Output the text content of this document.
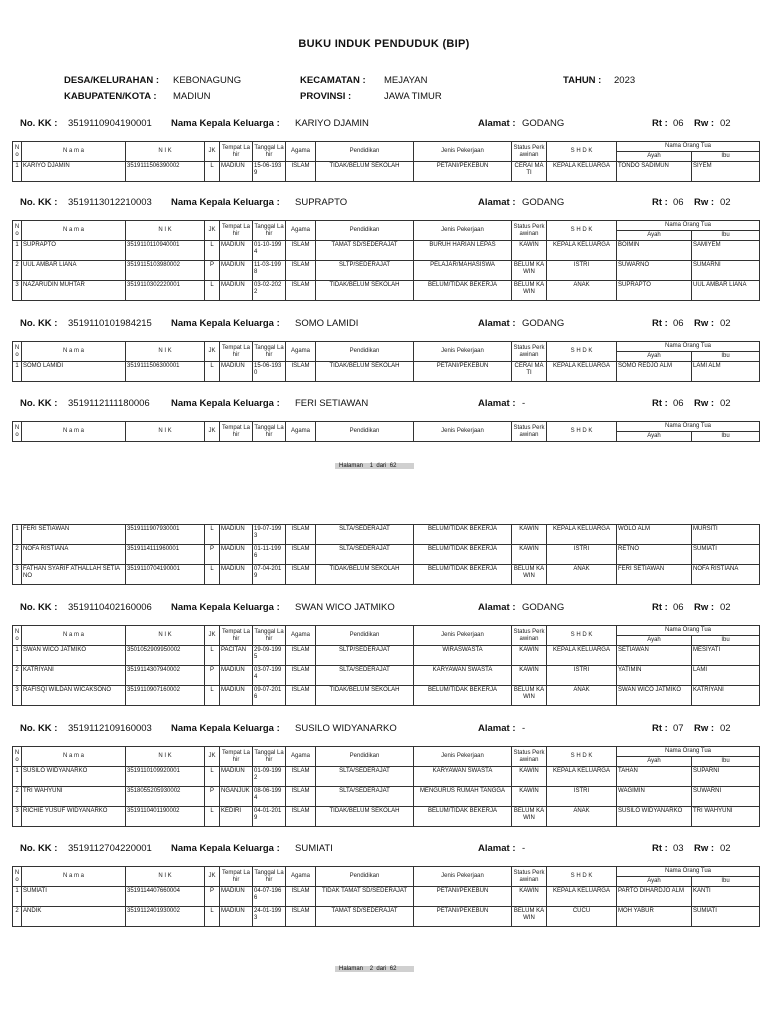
BUKU INDUK PENDUDUK (BIP)
DESA/KELURAHAN : KEBONAGUNG
KABUPATEN/KOTA : MADIUN
KECAMATAN : MEJAYAN
PROVINSI :	JAWA TIMUR
TAHUN : 2023
No. KK : 3519110904190001 Nama Kepala Keluarga : KARIYO DJAMIN	Alamat : GODANG	Rt : 06 Rw : 02
No	N a m a	N I K	JK	Tempat Lahir	Tanggal Lahir	Agama	Pendidikan	Jenis Pekerjaan	Status Perkawinan	S H D K	Nama Orang Tua	
											Ayah	Ibu
1	KARIYO DJAMIN	3519111506390002	L	MADIUN	15-06-193 9	ISLAM	TIDAK/BELUM SEKOLAH	PETANI/PEKEBUN	CERAI MATI	KEPALA KELUARGA	TONDO SADIMUN	SIYEM
No. KK : 3519113012210003 Nama Kepala Keluarga : SUPRAPTO	Alamat : GODANG	Rt : 06 Rw : 02
No	N a m a	N I K	JK	Tempat Lahir	Tanggal Lahir	Agama	Pendidikan	Jenis Pekerjaan	Status Perkawinan	S H D K	Nama Orang Tua	
											Ayah	Ibu
1	SUPRAPTO	3519110110940001	L	MADIUN	01-10-199 4	ISLAM	TAMAT SD/SEDERAJAT	BURUH HARIAN LEPAS	KAWIN	KEPALA KELUARGA	BOIMIN	SAMIYEM
2	UUL AMBAR LIANA	3519115103980002	P	MADIUN	11-03-199 8	ISLAM	SLTP/SEDERAJAT	PELAJAR/MAHASISWA	BELUM KAWIN	ISTRI	SUWARNO	SUMARNI
3	NAZARUDIN MUHTAR	3519110302220001	L	MADIUN	03-02-202 2	ISLAM	TIDAK/BELUM SEKOLAH	BELUM/TIDAK BEKERJA	BELUM KAWIN	ANAK	SUPRAPTO	UUL AMBAR LIANA
No. KK : 3519110101984215 Nama Kepala Keluarga : SOMO LAMIDI	Alamat : GODANG	Rt : 06 Rw : 02
No	N a m a	N I K	JK	Tempat Lahir	Tanggal Lahir	Agama	Pendidikan	Jenis Pekerjaan	Status Perkawinan	S H D K	Nama Orang Tua	
											Ayah	Ibu
1	SOMO LAMIDI	3519111506300001	L	MADIUN	15-06-193 0	ISLAM	TIDAK/BELUM SEKOLAH	PETANI/PEKEBUN	CERAI MATI	KEPALA KELUARGA	SOMO REDJO ALM	LAMI ALM
No. KK : 3519112111180006 Nama Kepala Keluarga : FERI SETIAWAN	Alamat : -	Rt : 06 Rw : 02
No	N a m a	N I K	JK	Tempat Lahir	Tanggal Lahir	Agama	Pendidikan	Jenis Pekerjaan	Status Perkawinan	S H D K	Nama Orang Tua	
											Ayah	Ibu
1	FERI SETIAWAN	3519111907930001	L	MADIUN	19-07-199 3	ISLAM	SLTA/SEDERAJAT	BELUM/TIDAK BEKERJA	KAWIN	KEPALA KELUARGA	WOLO ALM	MURSITI
2	NOFA RISTIANA	3519114111960001	P	MADIUN	01-11-199 6	ISLAM	SLTA/SEDERAJAT	BELUM/TIDAK BEKERJA	KAWIN	ISTRI	RETNO	SUMIATI
3	FATHAN SYARIF ATHALLAH SETIANO	3519110704190001	L	MADIUN	07-04-201 9	ISLAM	TIDAK/BELUM SEKOLAH	BELUM/TIDAK BEKERJA	BELUM KAWIN	ANAK	FERI SETIAWAN	NOFA RISTIANA
No. KK : 3519110402160006 Nama Kepala Keluarga : SWAN WICO JATMIKO	Alamat : GODANG	Rt : 06 Rw : 02
No	N a m a	N I K	JK	Tempat Lahir	Tanggal Lahir	Agama	Pendidikan	Jenis Pekerjaan	Status Perkawinan	S H D K	Nama Orang Tua	
											Ayah	Ibu
1	SWAN WICO JATMIKO	3501052909950002	L	PACITAN	29-09-199 5	ISLAM	SLTP/SEDERAJAT	WIRASWASTA	KAWIN	KEPALA KELUARGA	SETIAWAN	MESIYATI
2	KATRIYANI	3519114307940002	P	MADIUN	03-07-199 4	ISLAM	SLTA/SEDERAJAT	KARYAWAN SWASTA	KAWIN	ISTRI	YATIMIN	LAMI
3	RAFISQI WILDAN WICAKSONO	3519110907160002	L	MADIUN	09-07-201 6	ISLAM	TIDAK/BELUM SEKOLAH	BELUM/TIDAK BEKERJA	BELUM KAWIN	ANAK	SWAN WICO JATMIKO	KATRIYANI
No. KK : 3519112109160003 Nama Kepala Keluarga : SUSILO WIDYANARKO	Alamat : -	Rt : 07 Rw : 02
No	N a m a	N I K	JK	Tempat Lahir	Tanggal Lahir	Agama	Pendidikan	Jenis Pekerjaan	Status Perkawinan	S H D K	Nama Orang Tua	
											Ayah	Ibu
1	SUSILO WIDYANARKO	3519110109920001	L	MADIUN	01-09-199 2	ISLAM	SLTA/SEDERAJAT	KARYAWAN SWASTA	KAWIN	KEPALA KELUARGA	TAHAN	SUPARNI
2	TRI WAHYUNI	3518055205930002	P	NGANJUK	08-06-199 4	ISLAM	SLTA/SEDERAJAT	MENGURUS RUMAH TANGGA	KAWIN	ISTRI	WAGIMIN	SUWARNI
3	RICHIE YUSUF WIDYANARKO	3519110401190002	L	KEDIRI	04-01-201 9	ISLAM	TIDAK/BELUM SEKOLAH	BELUM/TIDAK BEKERJA	BELUM KAWIN	ANAK	SUSILO WIDYANARKO	TRI WAHYUNI
No. KK : 3519112704220001 Nama Kepala Keluarga : SUMIATI	Alamat : -	Rt : 03 Rw : 02
No	N a m a	N I K	JK	Tempat Lahir	Tanggal Lahir	Agama	Pendidikan	Jenis Pekerjaan	Status Perkawinan	S H D K	Nama Orang Tua	
											Ayah	Ibu
1	SUMIATI	3519114407660004	P	MADIUN	04-07-196 6	ISLAM	TIDAK TAMAT SD/SEDERAJAT	PETANI/PEKEBUN	KAWIN	KEPALA KELUARGA	PARTO DIHARDJO ALM	KANTI
2	ANDIK	3519112401930002	L	MADIUN	24-01-199 3	ISLAM	TAMAT SD/SEDERAJAT	PETANI/PEKEBUN	BELUM KAWIN	CUCU	MOH YABUR	SUMIATI
Halaman 1 dari 62
Halaman 2 dari 62
